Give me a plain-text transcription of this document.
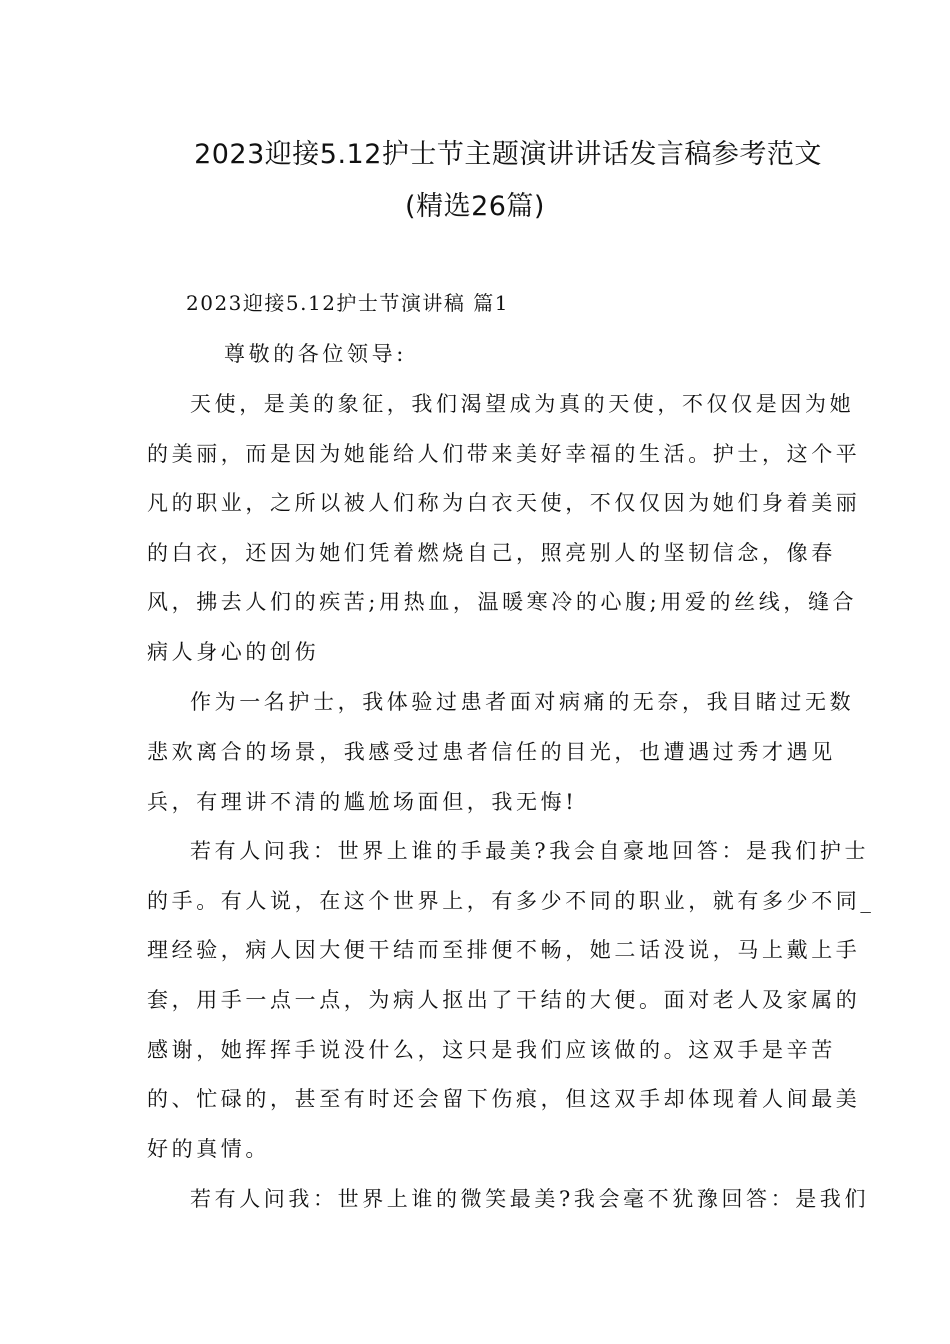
2023迎接5.12护士节主题演讲讲话发言稿参考范文
(精选26篇)
2023迎接5.12护士节演讲稿 篇1
尊敬的各位领导:
天使，是美的象征，我们渴望成为真的天使，不仅仅是因为她
的美丽，而是因为她能给人们带来美好幸福的生活。护士，这个平
凡的职业，之所以被人们称为白衣天使，不仅仅因为她们身着美丽
的白衣，还因为她们凭着燃烧自己，照亮别人的坚韧信念，像春
风，拂去人们的疾苦;用热血，温暖寒冷的心腹;用爱的丝线，缝合
病人身心的创伤
作为一名护士，我体验过患者面对病痛的无奈，我目睹过无数
悲欢离合的场景，我感受过患者信任的目光，也遭遇过秀才遇见
兵，有理讲不清的尴尬场面但，我无悔!
若有人问我：世界上谁的手最美?我会自豪地回答：是我们护士
的手。有人说，在这个世界上，有多少不同的职业，就有多少不同_
理经验，病人因大便干结而至排便不畅，她二话没说，马上戴上手
套，用手一点一点，为病人抠出了干结的大便。面对老人及家属的
感谢，她挥挥手说没什么，这只是我们应该做的。这双手是辛苦
的、忙碌的，甚至有时还会留下伤痕，但这双手却体现着人间最美
好的真情。
若有人问我：世界上谁的微笑最美?我会毫不犹豫回答：是我们
